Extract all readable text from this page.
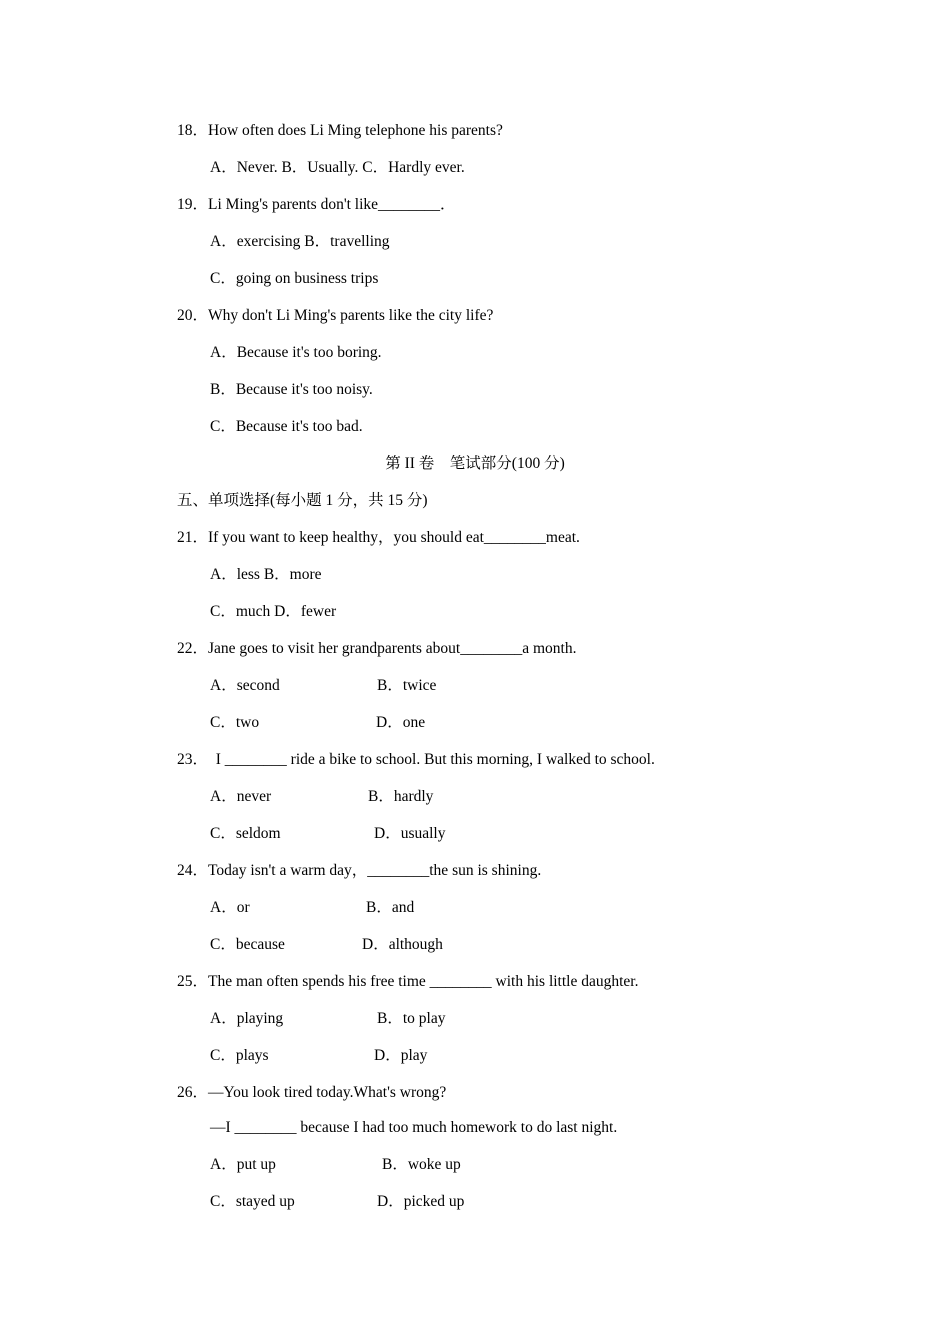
18．How often does Li Ming telephone his parents?
A．Never. B．Usually. C．Hardly ever.
19．Li Ming's parents don't like________．
A．exercising B．travelling
C．going on business trips
20．Why don't Li Ming's parents like the city life?
A．Because it's too boring.
B．Because it's too noisy.
C．Because it's too bad.
第 II 卷　笔试部分(100 分)
五、单项选择(每小题 1 分，共 15 分)
21．If you want to keep healthy，you should eat________meat.
A．less B．more
C．much D．fewer
22．Jane goes to visit her grandparents about________a month.
A．second	B．twice
C．two	D．one
23．  I ________ ride a bike to school. But this morning, I walked to school.
A．never	B．hardly
C．seldom	D．usually
24．Today isn't a warm day，________the sun is shining.
A．or	B．and
C．because	D．although
25．The man often spends his free time ________ with his little daughter.
A．playing	B．to play
C．plays	D．play
26．—You look tired today.What's wrong?
—I ________ because I had too much homework to do last night.
A．put up	B．woke up
C．stayed up	D．picked up
